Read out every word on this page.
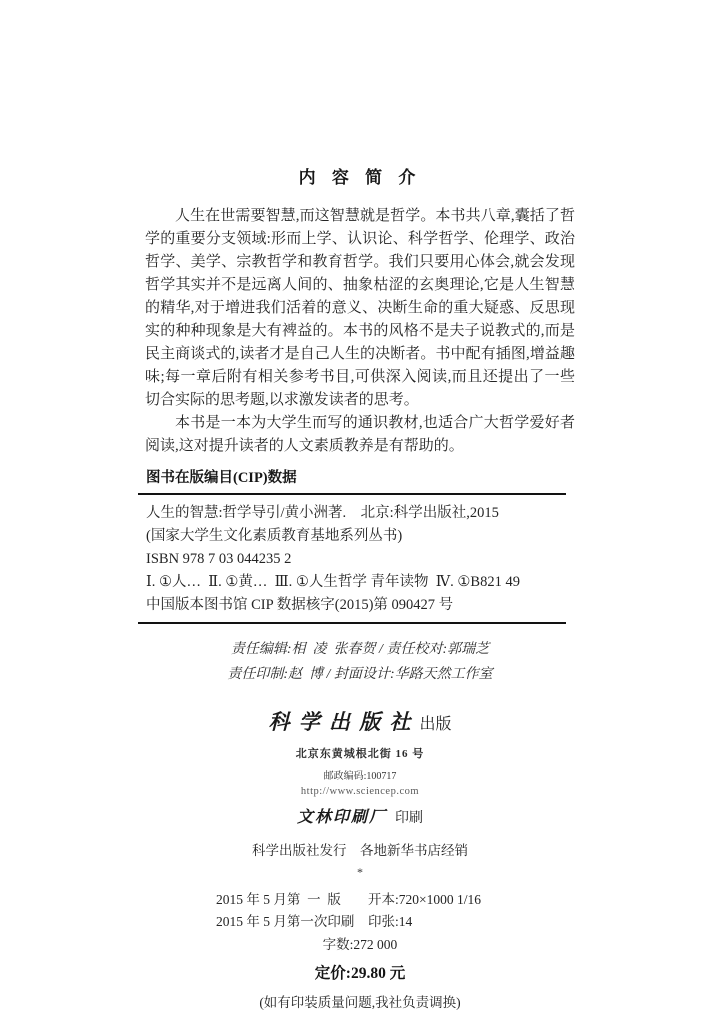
内 容 简 介

人生在世需要智慧,而这智慧就是哲学。本书共八章,囊括了哲学的重要分支领域:形而上学、认识论、科学哲学、伦理学、政治哲学、美学、宗教哲学和教育哲学。我们只要用心体会,就会发现哲学其实并不是远离人间的、抽象枯涩的玄奥理论,它是人生智慧的精华,对于增进我们活着的意义、决断生命的重大疑惑、反思现实的种种现象是大有裨益的。本书的风格不是夫子说教式的,而是民主商谈式的,读者才是自己人生的决断者。书中配有插图,增益趣味;每一章后附有相关参考书目,可供深入阅读,而且还提出了一些切合实际的思考题,以求激发读者的思考。

本书是一本为大学生而写的通识教材,也适合广大哲学爱好者阅读,这对提升读者的人文素质教养是有帮助的。

图书在版编目(CIP)数据
人生的智慧:哲学导引/黄小洲著.    北京:科学出版社,2015
(国家大学生文化素质教育基地系列丛书)
ISBN 978 7 03 044235 2
Ⅰ. ①人…  Ⅱ. ①黄…  Ⅲ. ①人生哲学 青年读物  Ⅳ. ①B821 49
中国版本图书馆 CIP 数据核字(2015)第 090427 号
责任编辑:相  凌  张春贺 / 责任校对:郭瑞芝
责任印制:赵  博 / 封面设计:华路天然工作室
科 学 出 版 社 出版
北京东黄城根北街 16 号
邮政编码:100717
http://www.sciencep.com
文林印刷厂 印刷
科学出版社发行    各地新华书店经销
*
2015 年 5 月第  一  版	开本:720×1000 1/16
2015 年 5 月第一次印刷	印张:14
字数:272 000
定价:29.80 元
(如有印装质量问题,我社负责调换)
